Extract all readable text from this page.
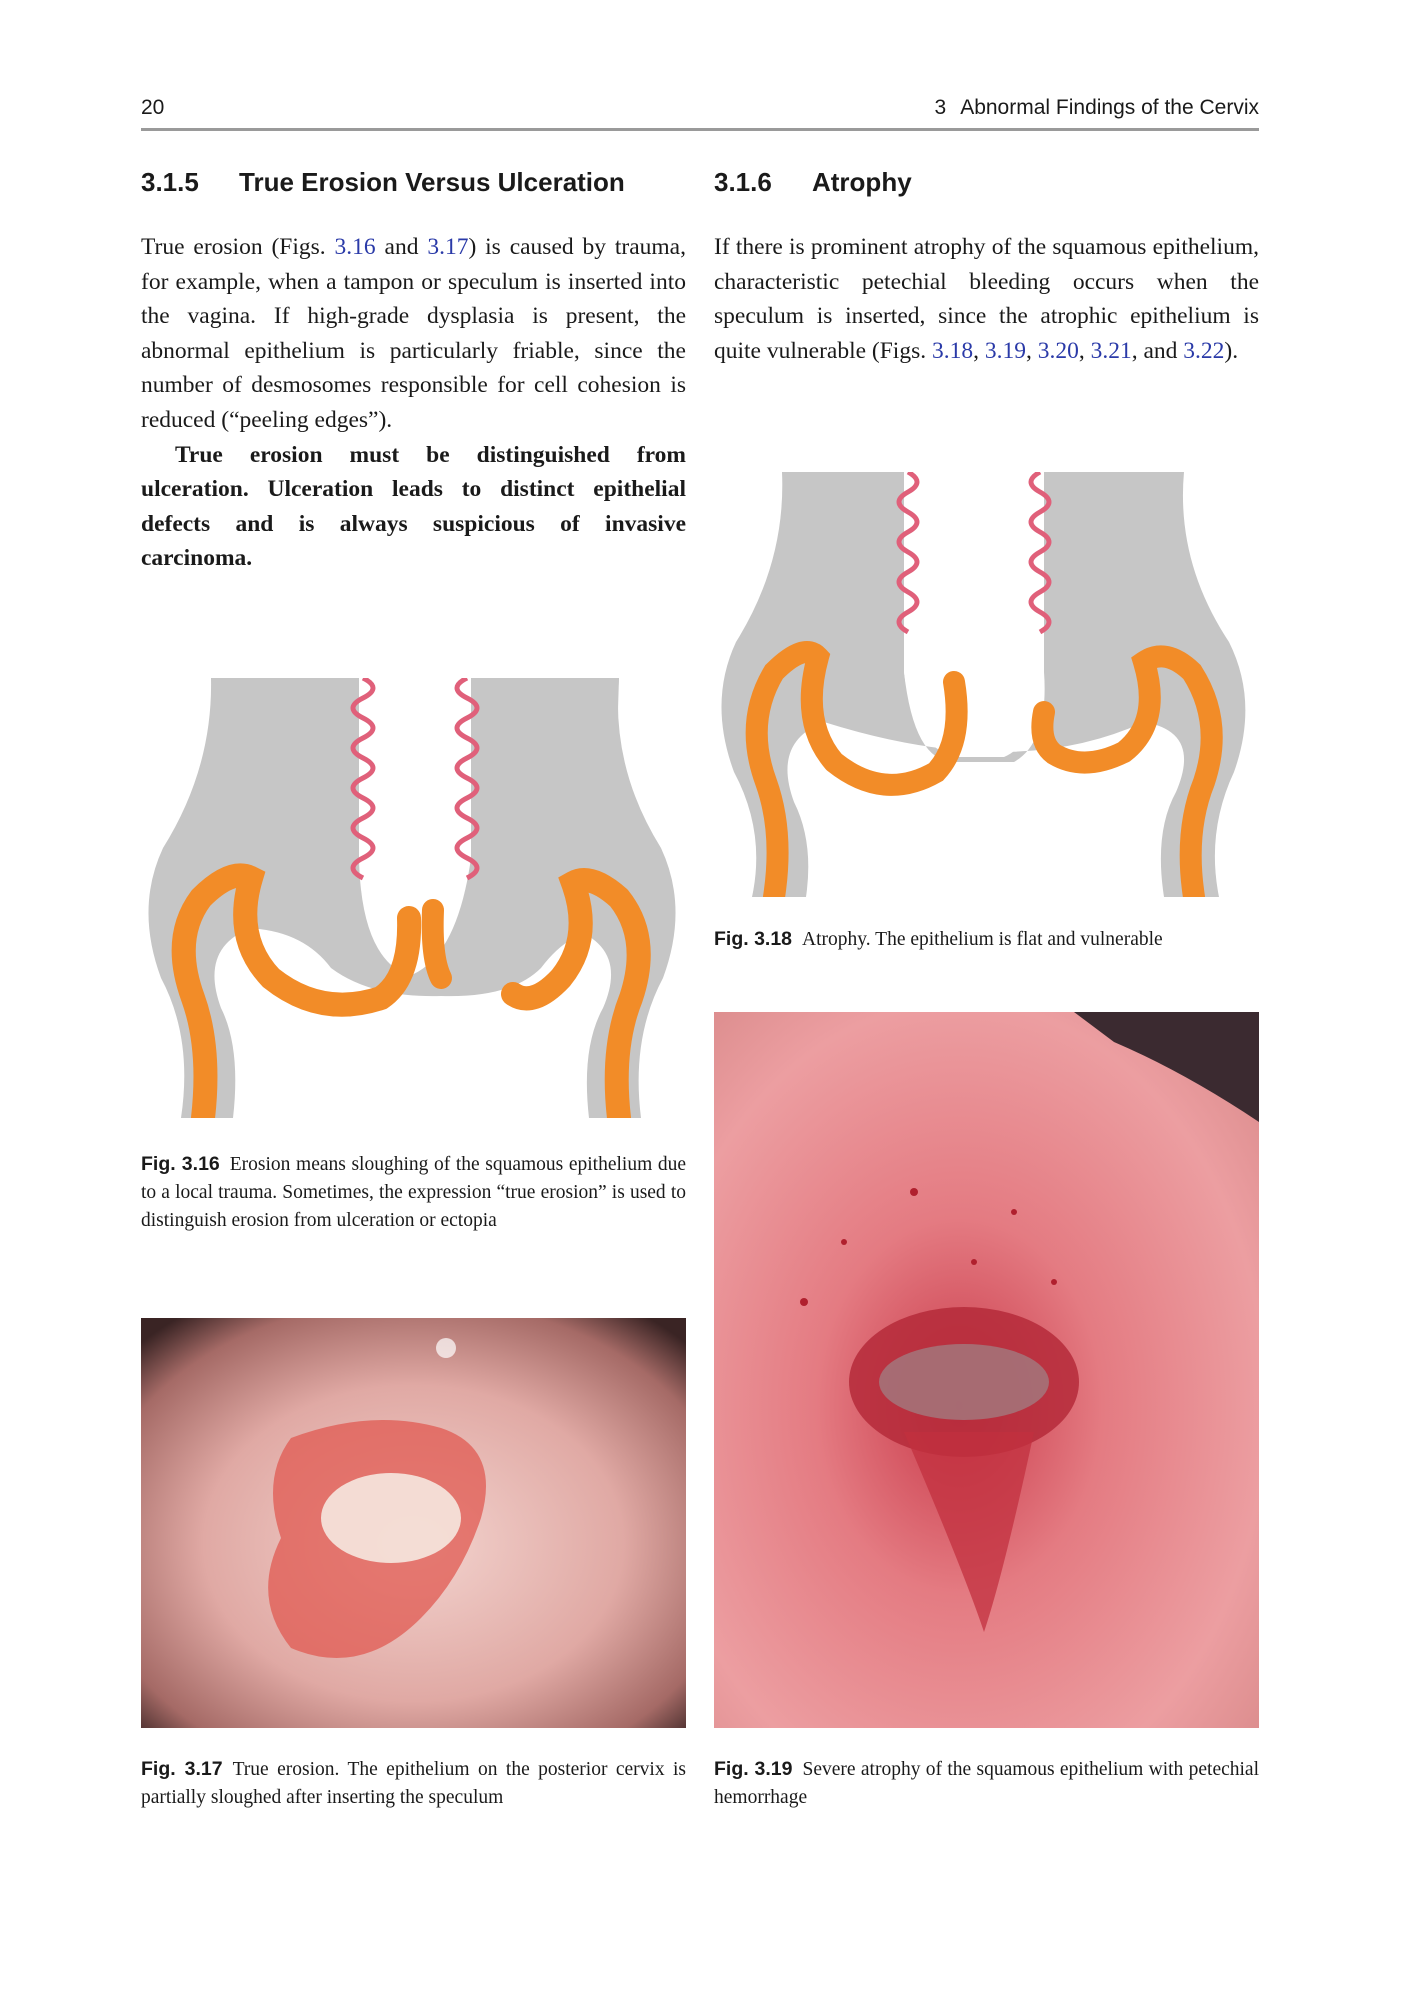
20	3 Abnormal Findings of the Cervix
3.1.5 True Erosion Versus Ulceration

True erosion (Figs. 3.16 and 3.17) is caused by trauma, for example, when a tampon or speculum is inserted into the vagina. If high-grade dysplasia is present, the abnormal epithelium is particularly friable, since the number of desmosomes responsible for cell cohesion is reduced (“peeling edges”).

True erosion must be distinguished from ulceration. Ulceration leads to distinct epithelial defects and is always suspicious of invasive carcinoma.

3.1.6 Atrophy

If there is prominent atrophy of the squamous epithelium, characteristic petechial bleeding occurs when the speculum is inserted, since the atrophic epithelium is quite vulnerable (Figs. 3.18, 3.19, 3.20, 3.21, and 3.22).

Fig. 3.16 Erosion means sloughing of the squamous epithelium due to a local trauma. Sometimes, the expression “true erosion” is used to distinguish erosion from ulceration or ectopia
Fig. 3.17 True erosion. The epithelium on the posterior cervix is partially sloughed after inserting the speculum
Fig. 3.18 Atrophy. The epithelium is flat and vulnerable
Fig. 3.19 Severe atrophy of the squamous epithelium with petechial hemorrhage
